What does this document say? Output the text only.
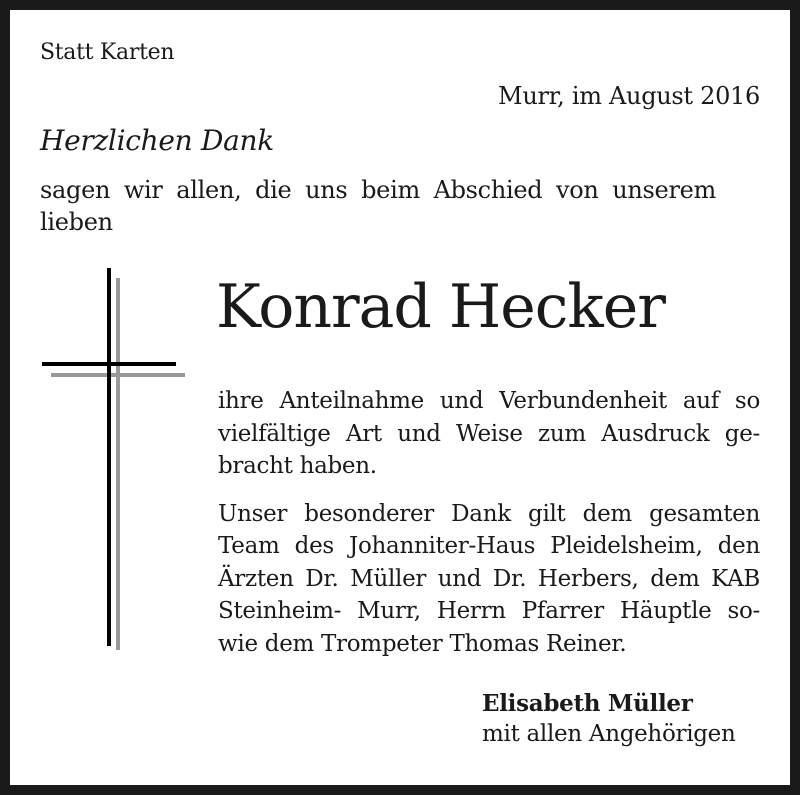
Statt Karten
Murr, im August 2016
Herzlichen Dank
sagen wir allen, die uns beim Abschied von unserem
lieben
Konrad Hecker
ihre Anteilnahme und Verbundenheit auf so
vielfältige Art und Weise zum Ausdruck ge-
bracht haben.
Unser besonderer Dank gilt dem gesamten
Team des Johanniter-Haus Pleidelsheim, den
Ärzten Dr. Müller und Dr. Herbers, dem KAB
Steinheim- Murr, Herrn Pfarrer Häuptle so-
wie dem Trompeter Thomas Reiner.
Elisabeth Müller
mit allen Angehörigen
